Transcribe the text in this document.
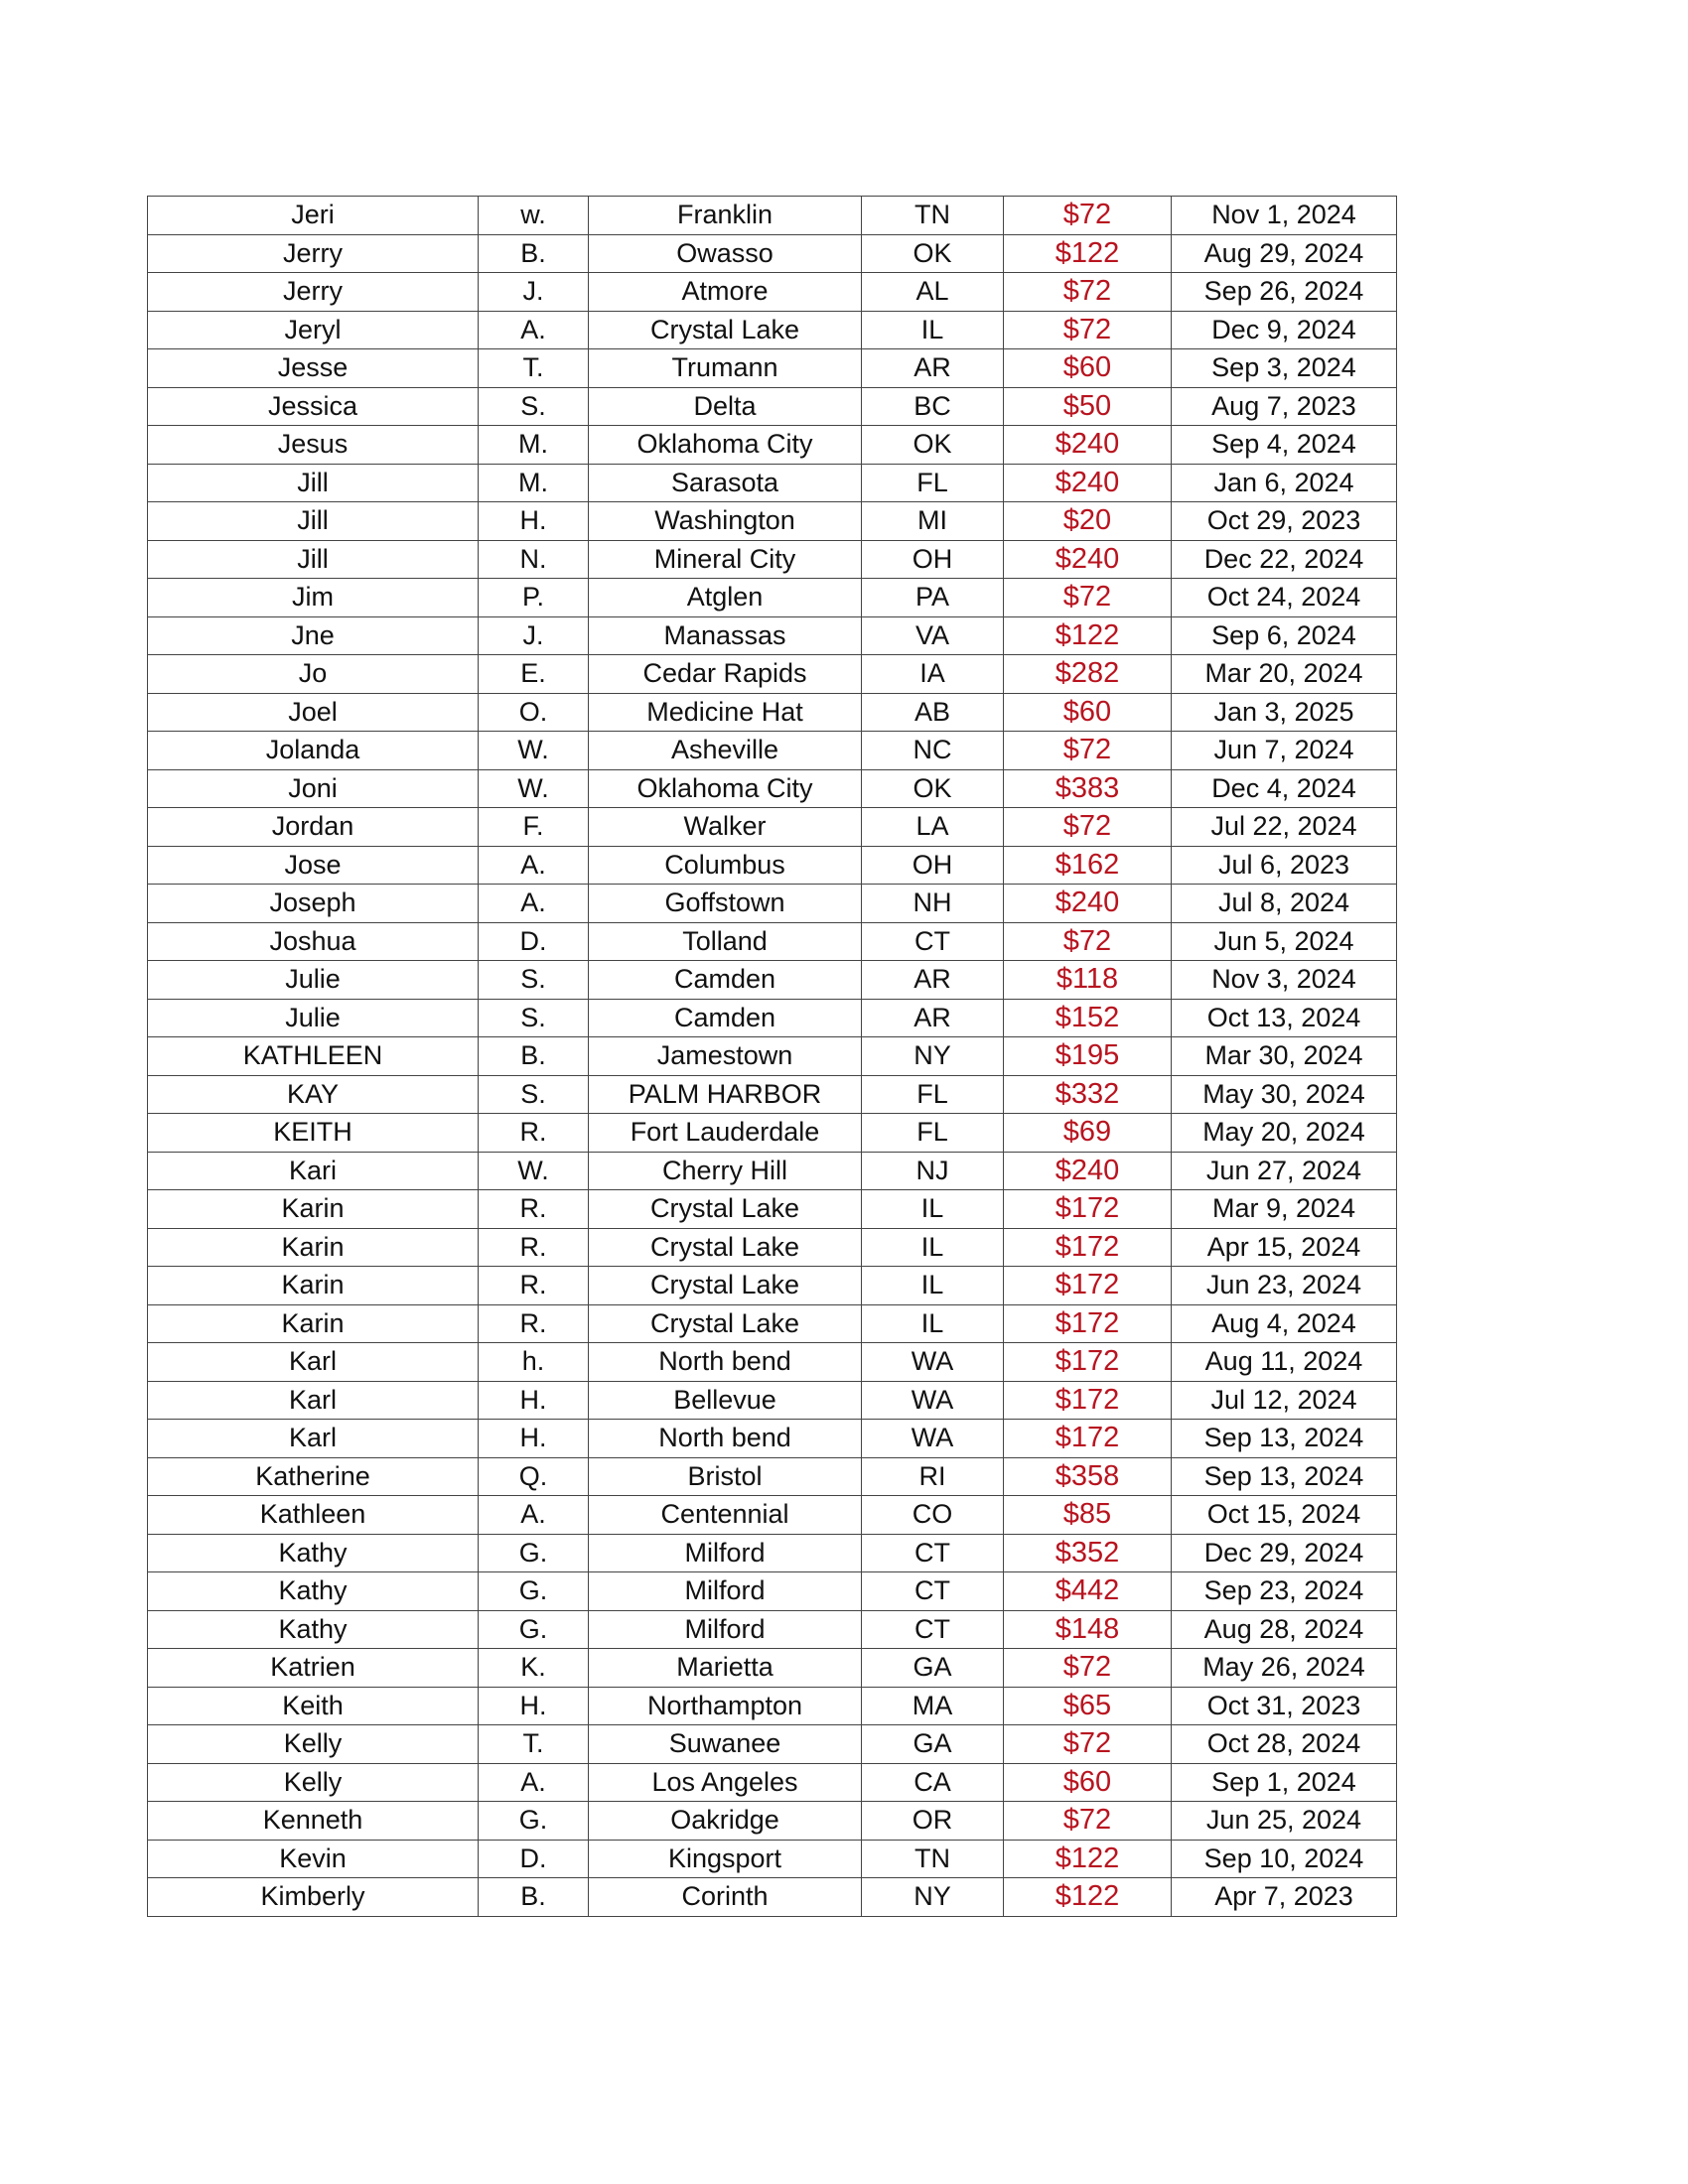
Jeri	w.	Franklin	TN	$72	Nov 1, 2024
Jerry	B.	Owasso	OK	$122	Aug 29, 2024
Jerry	J.	Atmore	AL	$72	Sep 26, 2024
Jeryl	A.	Crystal Lake	IL	$72	Dec 9, 2024
Jesse	T.	Trumann	AR	$60	Sep 3, 2024
Jessica	S.	Delta	BC	$50	Aug 7, 2023
Jesus	M.	Oklahoma City	OK	$240	Sep 4, 2024
Jill	M.	Sarasota	FL	$240	Jan 6, 2024
Jill	H.	Washington	MI	$20	Oct 29, 2023
Jill	N.	Mineral City	OH	$240	Dec 22, 2024
Jim	P.	Atglen	PA	$72	Oct 24, 2024
Jne	J.	Manassas	VA	$122	Sep 6, 2024
Jo	E.	Cedar Rapids	IA	$282	Mar 20, 2024
Joel	O.	Medicine Hat	AB	$60	Jan 3, 2025
Jolanda	W.	Asheville	NC	$72	Jun 7, 2024
Joni	W.	Oklahoma City	OK	$383	Dec 4, 2024
Jordan	F.	Walker	LA	$72	Jul 22, 2024
Jose	A.	Columbus	OH	$162	Jul 6, 2023
Joseph	A.	Goffstown	NH	$240	Jul 8, 2024
Joshua	D.	Tolland	CT	$72	Jun 5, 2024
Julie	S.	Camden	AR	$118	Nov 3, 2024
Julie	S.	Camden	AR	$152	Oct 13, 2024
KATHLEEN	B.	Jamestown	NY	$195	Mar 30, 2024
KAY	S.	PALM HARBOR	FL	$332	May 30, 2024
KEITH	R.	Fort Lauderdale	FL	$69	May 20, 2024
Kari	W.	Cherry Hill	NJ	$240	Jun 27, 2024
Karin	R.	Crystal Lake	IL	$172	Mar 9, 2024
Karin	R.	Crystal Lake	IL	$172	Apr 15, 2024
Karin	R.	Crystal Lake	IL	$172	Jun 23, 2024
Karin	R.	Crystal Lake	IL	$172	Aug 4, 2024
Karl	h.	North bend	WA	$172	Aug 11, 2024
Karl	H.	Bellevue	WA	$172	Jul 12, 2024
Karl	H.	North bend	WA	$172	Sep 13, 2024
Katherine	Q.	Bristol	RI	$358	Sep 13, 2024
Kathleen	A.	Centennial	CO	$85	Oct 15, 2024
Kathy	G.	Milford	CT	$352	Dec 29, 2024
Kathy	G.	Milford	CT	$442	Sep 23, 2024
Kathy	G.	Milford	CT	$148	Aug 28, 2024
Katrien	K.	Marietta	GA	$72	May 26, 2024
Keith	H.	Northampton	MA	$65	Oct 31, 2023
Kelly	T.	Suwanee	GA	$72	Oct 28, 2024
Kelly	A.	Los Angeles	CA	$60	Sep 1, 2024
Kenneth	G.	Oakridge	OR	$72	Jun 25, 2024
Kevin	D.	Kingsport	TN	$122	Sep 10, 2024
Kimberly	B.	Corinth	NY	$122	Apr 7, 2023
